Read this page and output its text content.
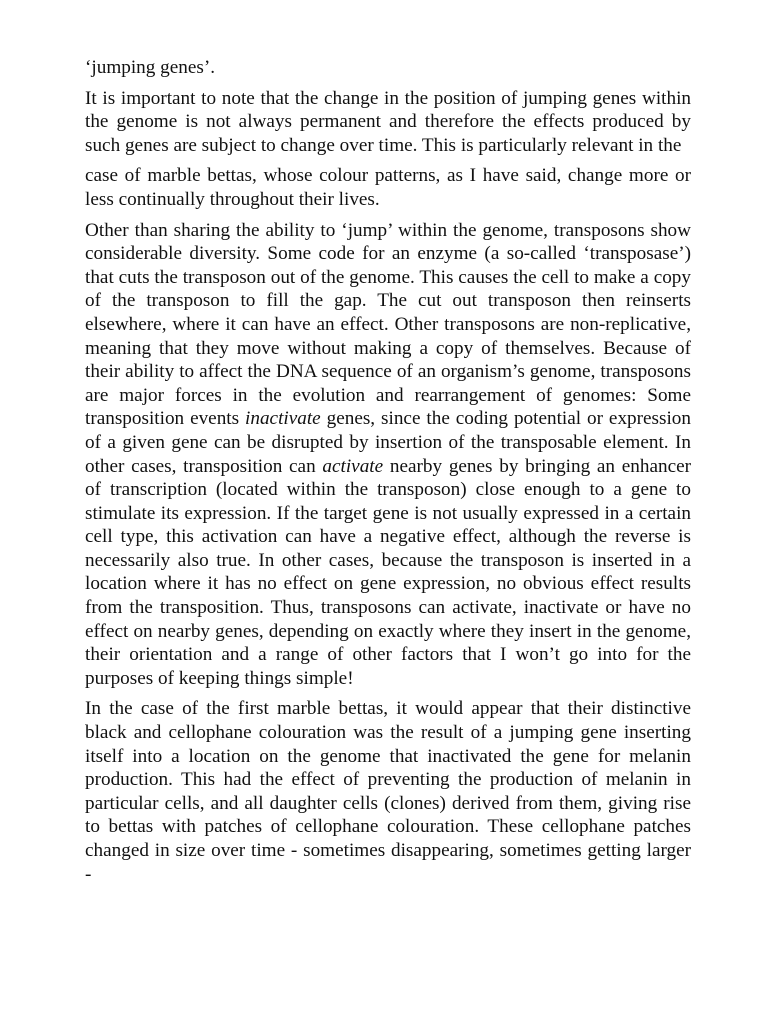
‘jumping genes’.

It is important to note that the change in the position of jumping genes within the genome is not always permanent and therefore the effects produced by such genes are subject to change over time. This is particularly relevant in the

case of marble bettas, whose colour patterns, as I have said, change more or less continually throughout their lives.

Other than sharing the ability to ‘jump’ within the genome, transposons show considerable diversity. Some code for an enzyme (a so-called ‘transposase’) that cuts the transposon out of the genome. This causes the cell to make a copy of the transposon to fill the gap. The cut out transposon then reinserts elsewhere, where it can have an effect. Other transposons are non-replicative, meaning that they move without making a copy of themselves. Because of their ability to affect the DNA sequence of an organism’s genome, transposons are major forces in the evolution and rearrangement of genomes: Some transposition events inactivate genes, since the coding potential or expression of a given gene can be disrupted by insertion of the transposable element. In other cases, transposition can activate nearby genes by bringing an enhancer of transcription (located within the transposon) close enough to a gene to stimulate its expression. If the target gene is not usually expressed in a certain cell type, this activation can have a negative effect, although the reverse is necessarily also true. In other cases, because the transposon is inserted in a location where it has no effect on gene expression, no obvious effect results from the transposition. Thus, transposons can activate, inactivate or have no effect on nearby genes, depending on exactly where they insert in the genome, their orientation and a range of other factors that I won’t go into for the purposes of keeping things simple!

In the case of the first marble bettas, it would appear that their distinctive black and cellophane colouration was the result of a jumping gene inserting itself into a location on the genome that inactivated the gene for melanin production. This had the effect of preventing the production of melanin in particular cells, and all daughter cells (clones) derived from them, giving rise to bettas with patches of cellophane colouration. These cellophane patches changed in size over time - sometimes disappearing, sometimes getting larger -
